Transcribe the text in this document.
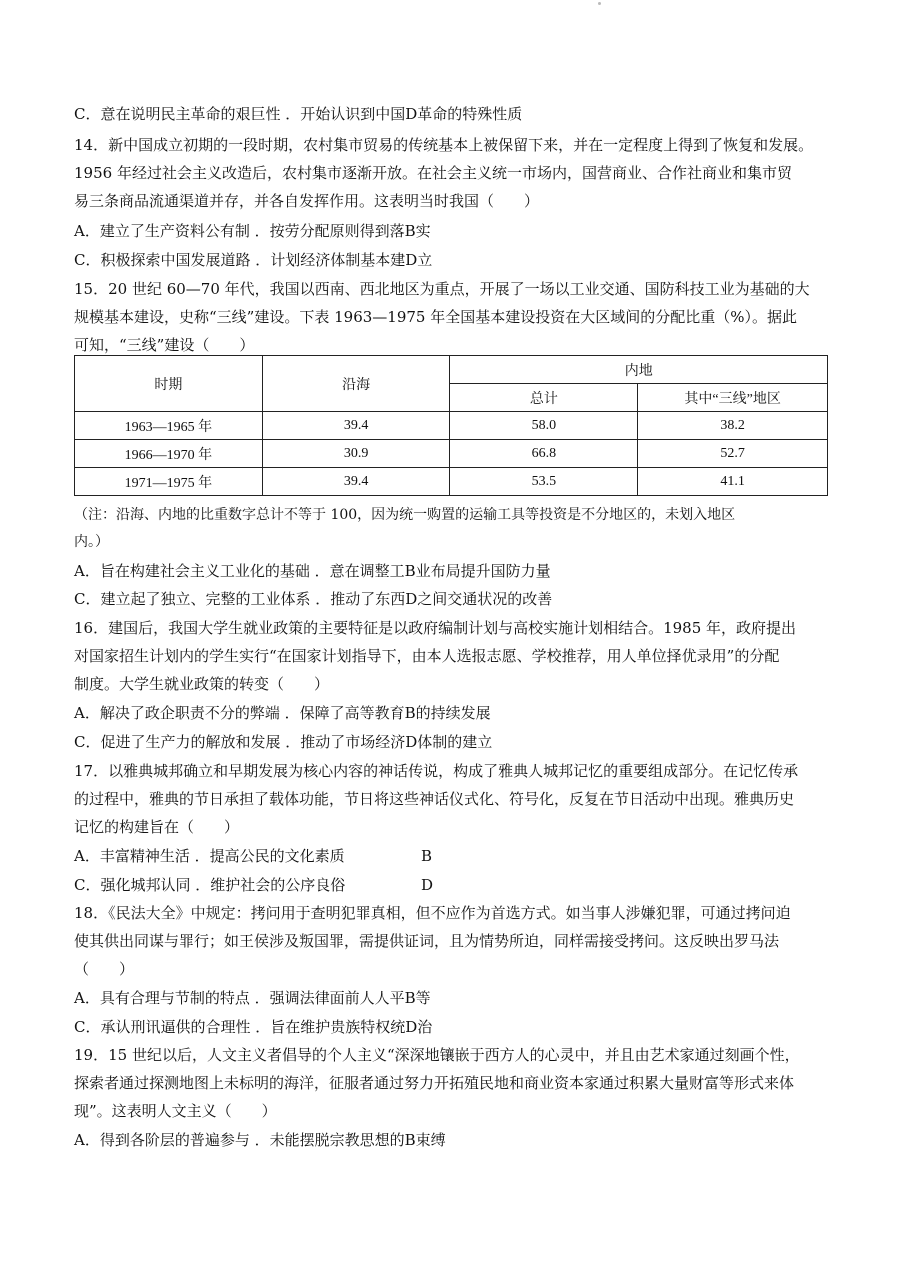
C．意在说明民主革命的艰巨性 ．开始认识到中国D革命的特殊性质
14．新中国成立初期的一段时期，农村集市贸易的传统基本上被保留下来，并在一定程度上得到了恢复和发展。
1956 年经过社会主义改造后，农村集市逐渐开放。在社会主义统一市场内，国营商业、合作社商业和集市贸
易三条商品流通渠道并存，并各自发挥作用。这表明当时我国（　　）
A．建立了生产资料公有制 ．按劳分配原则得到落B实
C．积极探索中国发展道路 ．计划经济体制基本建D立
15．20 世纪 60—70 年代，我国以西南、西北地区为重点，开展了一场以工业交通、国防科技工业为基础的大
规模基本建设，史称“三线”建设。下表 1963—1975 年全国基本建设投资在大区域间的分配比重（%）。据此
可知，“三线”建设（　　）
时期	沿海	内地	
		总计	其中“三线”地区
1963—1965 年	39.4	58.0	38.2
1966—1970 年	30.9	66.8	52.7
1971—1975 年	39.4	53.5	41.1
（注：沿海、内地的比重数字总计不等于 100，因为统一购置的运输工具等投资是不分地区的，未划入地区
内。）
A．旨在构建社会主义工业化的基础 ．意在调整工B业布局提升国防力量
C．建立起了独立、完整的工业体系 ．推动了东西D之间交通状况的改善
16．建国后，我国大学生就业政策的主要特征是以政府编制计划与高校实施计划相结合。1985 年，政府提出
对国家招生计划内的学生实行“在国家计划指导下，由本人选报志愿、学校推荐，用人单位择优录用”的分配
制度。大学生就业政策的转变（　　）
A．解决了政企职责不分的弊端 ．保障了高等教育B的持续发展
C．促进了生产力的解放和发展 ．推动了市场经济D体制的建立
17．以雅典城邦确立和早期发展为核心内容的神话传说，构成了雅典人城邦记忆的重要组成部分。在记忆传承
的过程中，雅典的节日承担了载体功能，节日将这些神话仪式化、符号化，反复在节日活动中出现。雅典历史
记忆的构建旨在（　　）
A．丰富精神生活 ．提高公民的文化素质	B
C．强化城邦认同 ．维护社会的公序良俗	D
18．《民法大全》中规定：拷问用于查明犯罪真相，但不应作为首选方式。如当事人涉嫌犯罪，可通过拷问迫
使其供出同谋与罪行；如王侯涉及叛国罪，需提供证词，且为情势所迫，同样需接受拷问。这反映出罗马法
（　　）
A．具有合理与节制的特点 ．强调法律面前人人平B等
C．承认刑讯逼供的合理性 ．旨在维护贵族特权统D治
19．15 世纪以后，人文主义者倡导的个人主义“深深地镶嵌于西方人的心灵中，并且由艺术家通过刻画个性，
探索者通过探测地图上未标明的海洋，征服者通过努力开拓殖民地和商业资本家通过积累大量财富等形式来体
现”。这表明人文主义（　　）
A．得到各阶层的普遍参与 ．未能摆脱宗教思想的B束缚
